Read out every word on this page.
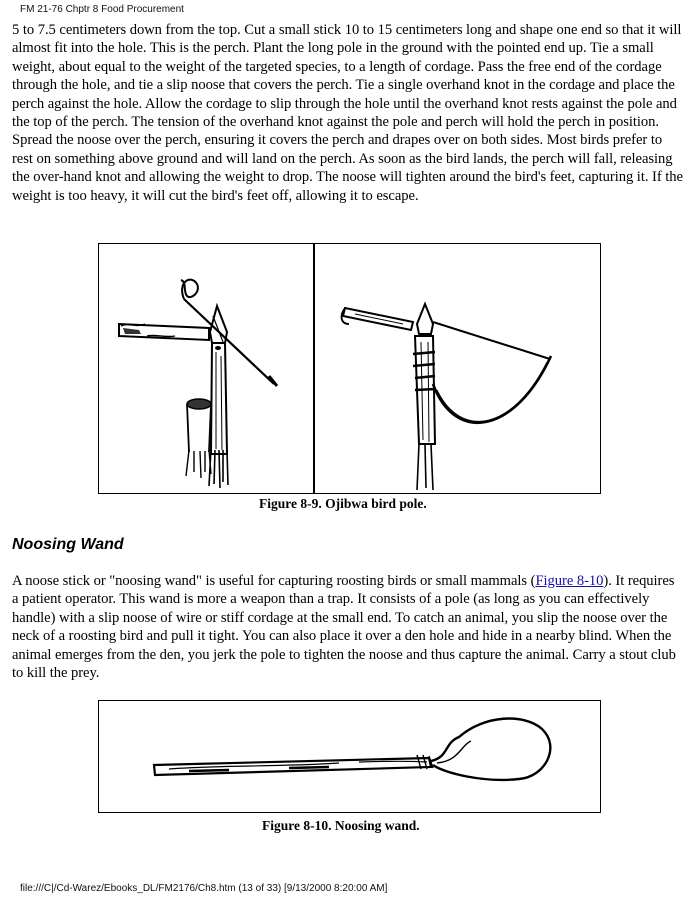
FM 21-76 Chptr 8 Food Procurement

5 to 7.5 centimeters down from the top. Cut a small stick 10 to 15 centimeters long and shape one end so that it will almost fit into the hole. This is the perch. Plant the long pole in the ground with the pointed end up. Tie a small weight, about equal to the weight of the targeted species, to a length of cordage. Pass the free end of the cordage through the hole, and tie a slip noose that covers the perch. Tie a single overhand knot in the cordage and place the perch against the hole. Allow the cordage to slip through the hole until the overhand knot rests against the pole and the top of the perch. The tension of the overhand knot against the pole and perch will hold the perch in position. Spread the noose over the perch, ensuring it covers the perch and drapes over on both sides. Most birds prefer to rest on something above ground and will land on the perch. As soon as the bird lands, the perch will fall, releasing the over-hand knot and allowing the weight to drop. The noose will tighten around the bird's feet, capturing it. If the weight is too heavy, it will cut the bird's feet off, allowing it to escape.

Figure 8-9. Ojibwa bird pole.
Noosing Wand

A noose stick or "noosing wand" is useful for capturing roosting birds or small mammals (Figure 8-10). It requires a patient operator. This wand is more a weapon than a trap. It consists of a pole (as long as you can effectively handle) with a slip noose of wire or stiff cordage at the small end. To catch an animal, you slip the noose over the neck of a roosting bird and pull it tight. You can also place it over a den hole and hide in a nearby blind. When the animal emerges from the den, you jerk the pole to tighten the noose and thus capture the animal. Carry a stout club to kill the prey.

Figure 8-10. Noosing wand.
file:///C|/Cd-Warez/Ebooks_DL/FM2176/Ch8.htm (13 of 33) [9/13/2000 8:20:00 AM]
